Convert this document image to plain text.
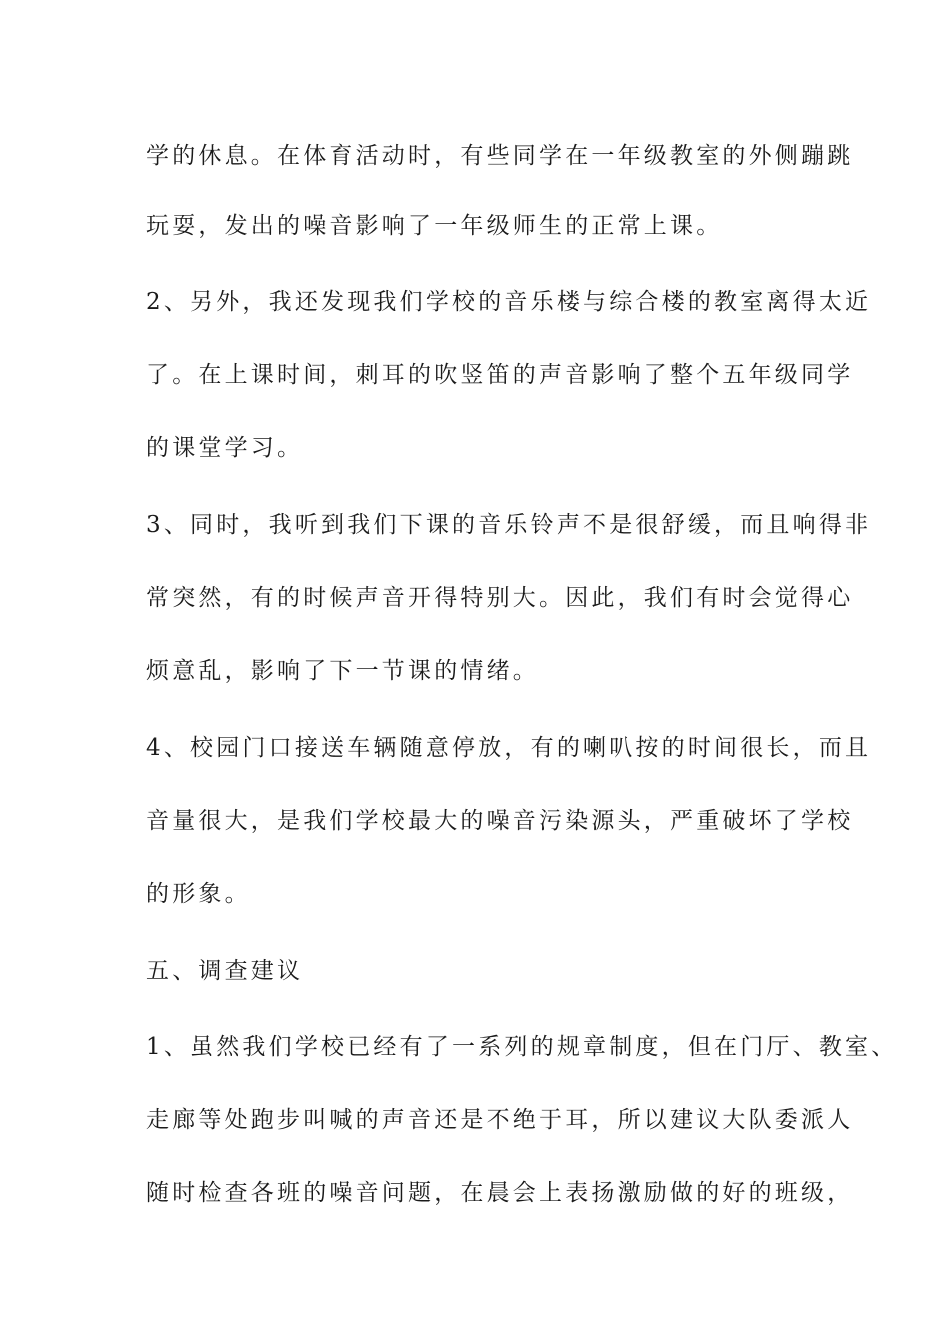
学的休息。在体育活动时，有些同学在一年级教室的外侧蹦跳

玩耍，发出的噪音影响了一年级师生的正常上课。

2、另外，我还发现我们学校的音乐楼与综合楼的教室离得太近

了。在上课时间，刺耳的吹竖笛的声音影响了整个五年级同学

的课堂学习。

3、同时，我听到我们下课的音乐铃声不是很舒缓，而且响得非

常突然，有的时候声音开得特别大。因此，我们有时会觉得心

烦意乱，影响了下一节课的情绪。

4、校园门口接送车辆随意停放，有的喇叭按的时间很长，而且

音量很大，是我们学校最大的噪音污染源头，严重破坏了学校

的形象。

五、调查建议

1、虽然我们学校已经有了一系列的规章制度，但在门厅、教室、

走廊等处跑步叫喊的声音还是不绝于耳，所以建议大队委派人

随时检查各班的噪音问题，在晨会上表扬激励做的好的班级，
